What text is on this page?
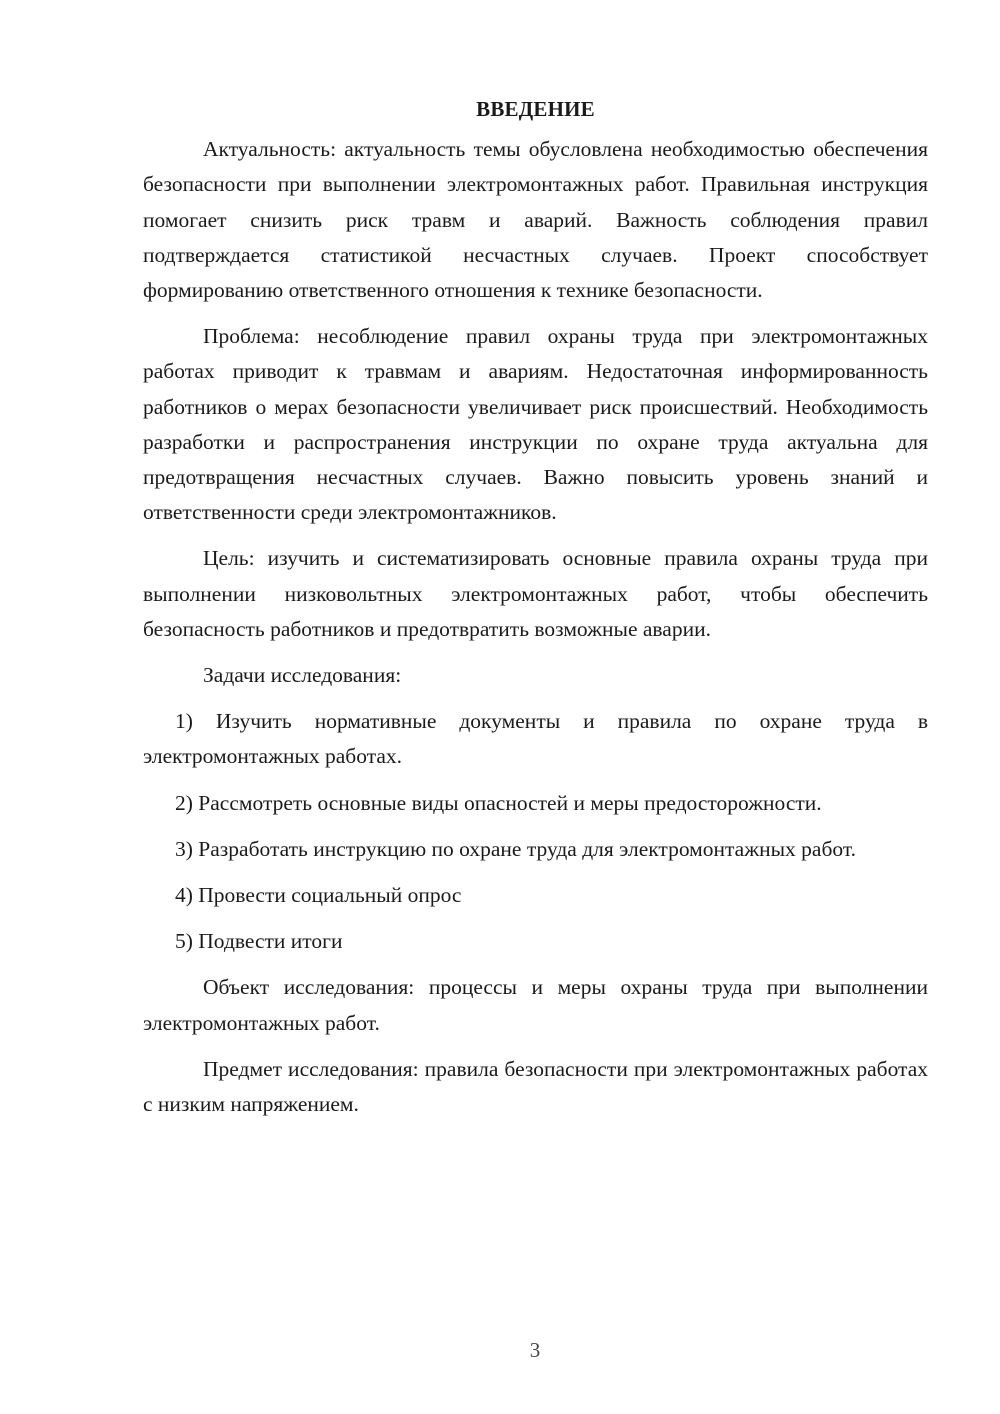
ВВЕДЕНИЕ

Актуальность: актуальность темы обусловлена необходимостью обеспечения безопасности при выполнении электромонтажных работ. Правильная инструкция помогает снизить риск травм и аварий. Важность соблюдения правил подтверждается статистикой несчастных случаев. Проект способствует формированию ответственного отношения к технике безопасности.

Проблема: несоблюдение правил охраны труда при электромонтажных работах приводит к травмам и авариям. Недостаточная информированность работников о мерах безопасности увеличивает риск происшествий. Необходимость разработки и распространения инструкции по охране труда актуальна для предотвращения несчастных случаев. Важно повысить уровень знаний и ответственности среди электромонтажников.

Цель: изучить и систематизировать основные правила охраны труда при выполнении низковольтных электромонтажных работ, чтобы обеспечить безопасность работников и предотвратить возможные аварии.

Задачи исследования:

1) Изучить нормативные документы и правила по охране труда в электромонтажных работах.

2) Рассмотреть основные виды опасностей и меры предосторожности.

3) Разработать инструкцию по охране труда для электромонтажных работ.

4) Провести социальный опрос

5) Подвести итоги

Объект исследования: процессы и меры охраны труда при выполнении электромонтажных работ.

Предмет исследования: правила безопасности при электромонтажных работах с низким напряжением.

3
